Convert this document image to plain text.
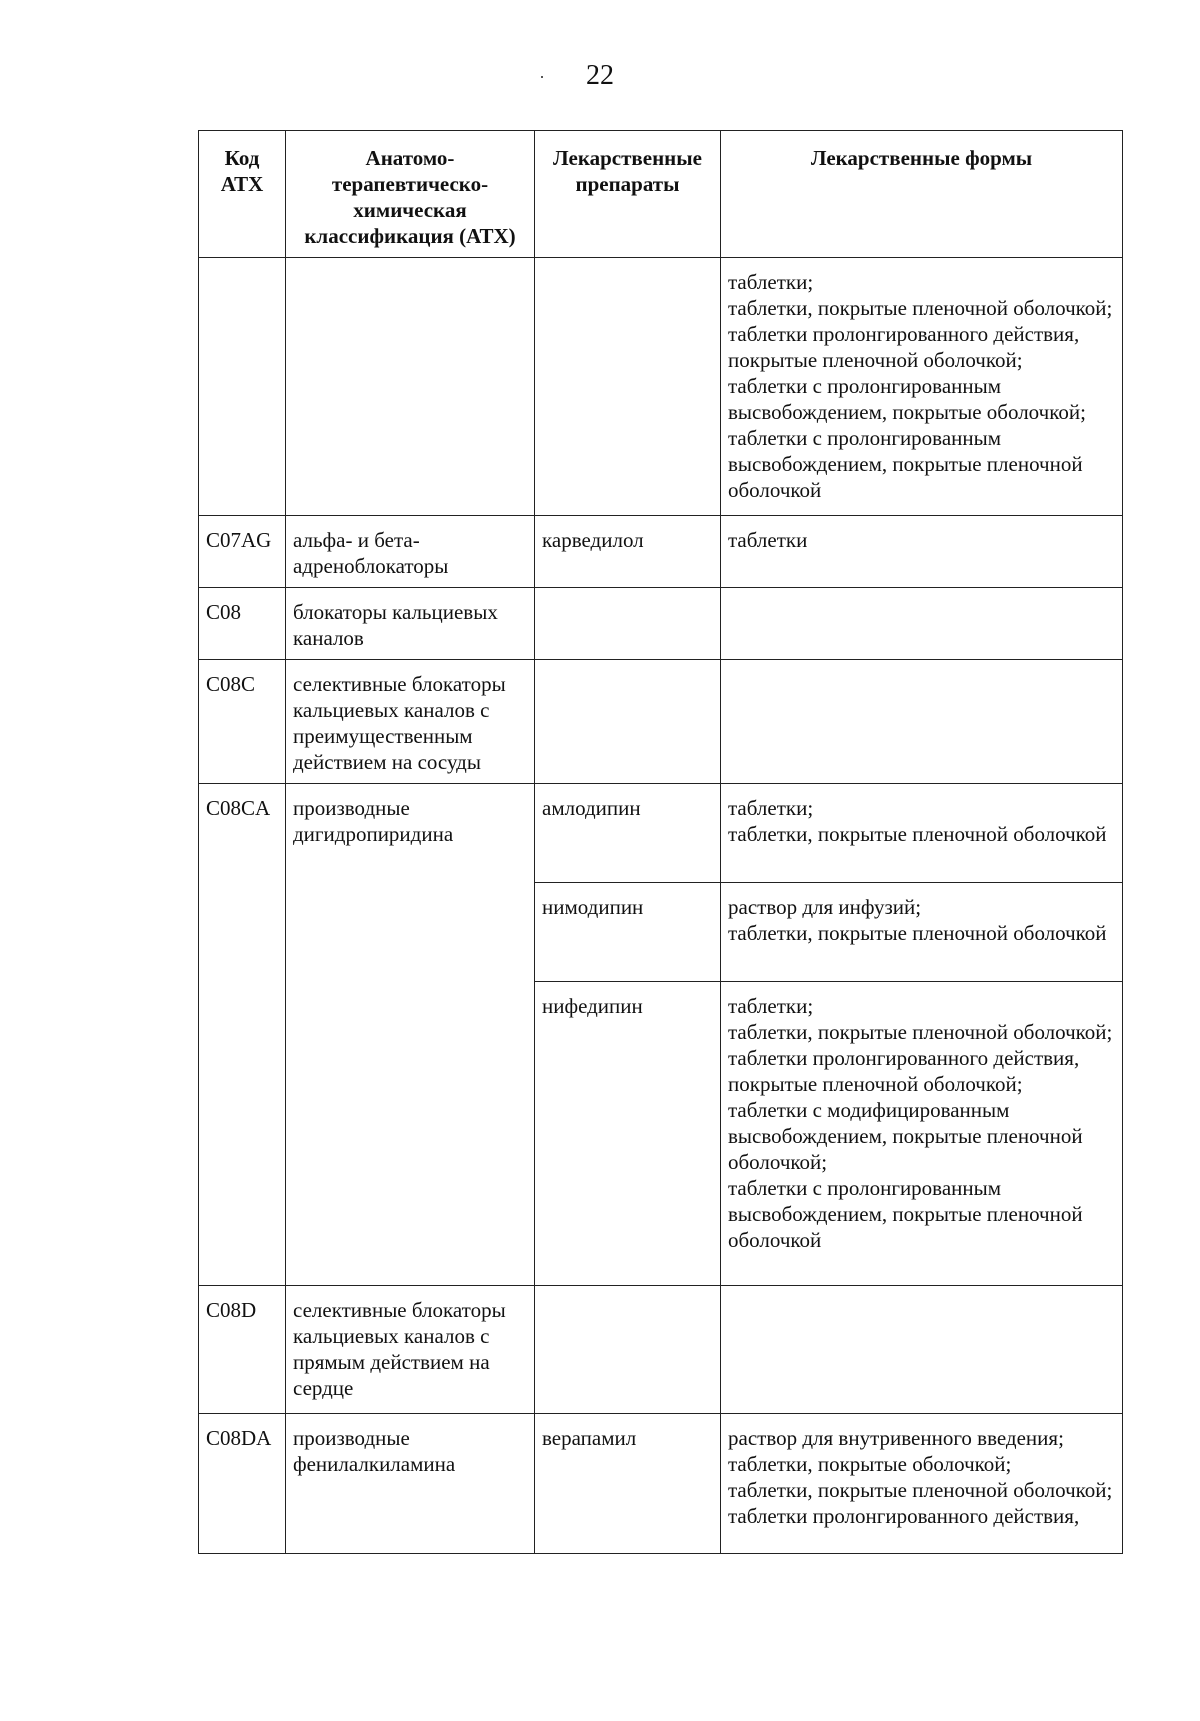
22
Код АТХ	Анатомо-терапевтическо-химическая классификация (АТХ)	Лекарственные препараты	Лекарственные формы
			таблетки;
таблетки, покрытые пленочной оболочкой;
таблетки пролонгированного действия, покрытые пленочной оболочкой;
таблетки с пролонгированным высвобождением, покрытые оболочкой;
таблетки с пролонгированным высвобождением, покрытые пленочной оболочкой
C07AG	альфа- и бета-адреноблокаторы	карведилол	таблетки
C08	блокаторы кальциевых каналов		
C08C	селективные блокаторы кальциевых каналов с преимущественным действием на сосуды		
C08CA	производные дигидропиридина	амлодипин	таблетки;
таблетки, покрытые пленочной оболочкой
		нимодипин	раствор для инфузий;
таблетки, покрытые пленочной оболочкой
		нифедипин	таблетки;
таблетки, покрытые пленочной оболочкой;
таблетки пролонгированного действия, покрытые пленочной оболочкой;
таблетки с модифицированным высвобождением, покрытые пленочной оболочкой;
таблетки с пролонгированным высвобождением, покрытые пленочной оболочкой
C08D	селективные блокаторы кальциевых каналов с прямым действием на сердце		
C08DA	производные фенилалкиламина	верапамил	раствор для внутривенного введения;
таблетки, покрытые оболочкой;
таблетки, покрытые пленочной оболочкой;
таблетки пролонгированного действия,
